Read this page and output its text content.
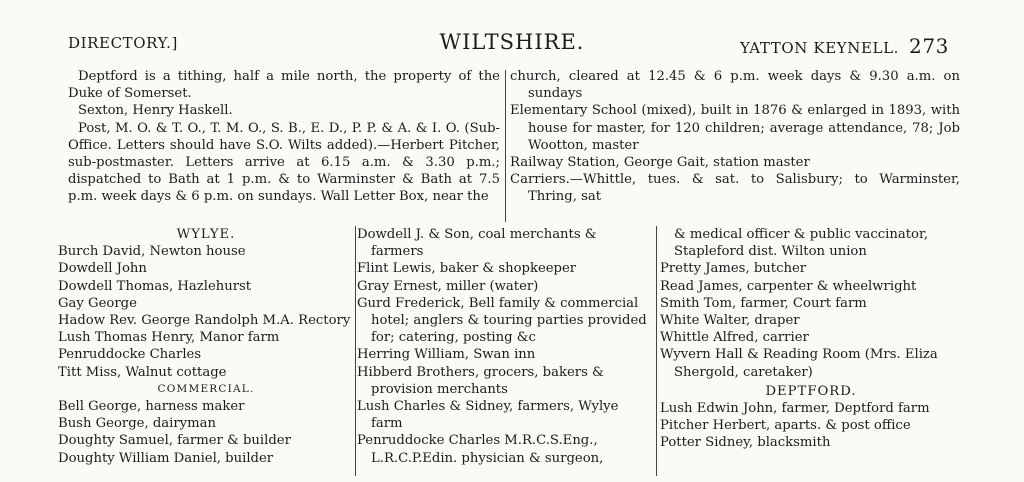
DIRECTORY.]	WILTSHIRE.	YATTON KEYNELL. 273

Deptford is a tithing, half a mile north, the property of the Duke of Somerset.

Sexton, Henry Haskell.

Post, M. O. & T. O., T. M. O., S. B., E. D., P. P. & A. & I. O. (Sub-Office. Letters should have S.O. Wilts added).—Herbert Pitcher, sub-postmaster. Letters arrive at 6.15 a.m. & 3.30 p.m.; dispatched to Bath at 1 p.m. & to Warminster & Bath at 7.5 p.m. week days & 6 p.m. on sundays. Wall Letter Box, near the

church, cleared at 12.45 & 6 p.m. week days & 9.30 a.m. on sundays

Elementary School (mixed), built in 1876 & enlarged in 1893, with house for master, for 120 children; average attendance, 78; Job Wootton, master

Railway Station, George Gait, station master

Carriers.—Whittle, tues. & sat. to Salisbury; to Warminster, Thring, sat

WYLYE.

Burch David, Newton house

Dowdell John

Dowdell Thomas, Hazlehurst

Gay George

Hadow Rev. George Randolph M.A. Rectory

Lush Thomas Henry, Manor farm

Penruddocke Charles

Titt Miss, Walnut cottage

COMMERCIAL.

Bell George, harness maker

Bush George, dairyman

Doughty Samuel, farmer & builder

Doughty William Daniel, builder

Dowdell J. & Son, coal merchants & farmers

Flint Lewis, baker & shopkeeper

Gray Ernest, miller (water)

Gurd Frederick, Bell family & commercial hotel; anglers & touring parties provided for; catering, posting &c

Herring William, Swan inn

Hibberd Brothers, grocers, bakers & provision merchants

Lush Charles & Sidney, farmers, Wylye farm

Penruddocke Charles M.R.C.S.Eng., L.R.C.P.Edin. physician & surgeon,

& medical officer & public vaccinator, Stapleford dist. Wilton union

Pretty James, butcher

Read James, carpenter & wheelwright

Smith Tom, farmer, Court farm

White Walter, draper

Whittle Alfred, carrier

Wyvern Hall & Reading Room (Mrs. Eliza Shergold, caretaker)

DEPTFORD.

Lush Edwin John, farmer, Deptford farm

Pitcher Herbert, aparts. & post office

Potter Sidney, blacksmith
